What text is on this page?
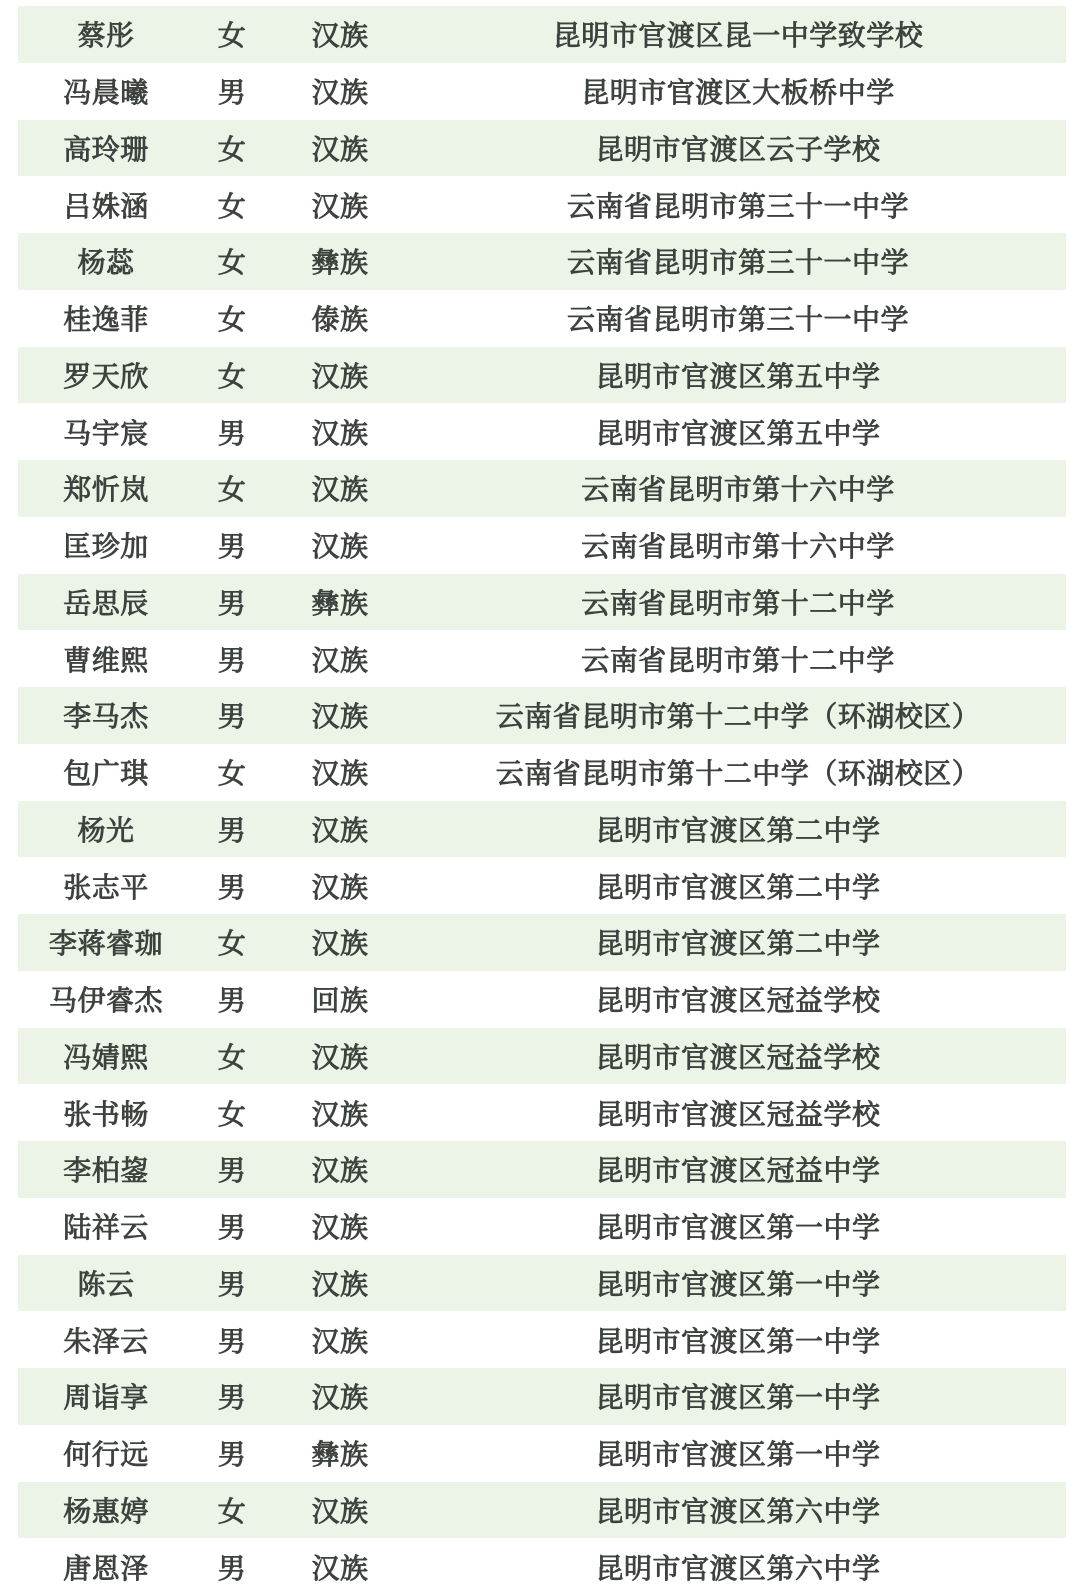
蔡彤	女	汉族	昆明市官渡区昆一中学致学校
冯晨曦	男	汉族	昆明市官渡区大板桥中学
高玲珊	女	汉族	昆明市官渡区云子学校
吕姝涵	女	汉族	云南省昆明市第三十一中学
杨蕊	女	彝族	云南省昆明市第三十一中学
桂逸菲	女	傣族	云南省昆明市第三十一中学
罗天欣	女	汉族	昆明市官渡区第五中学
马宇宸	男	汉族	昆明市官渡区第五中学
郑忻岚	女	汉族	云南省昆明市第十六中学
匡珍加	男	汉族	云南省昆明市第十六中学
岳思辰	男	彝族	云南省昆明市第十二中学
曹维熙	男	汉族	云南省昆明市第十二中学
李马杰	男	汉族	云南省昆明市第十二中学（环湖校区）
包广琪	女	汉族	云南省昆明市第十二中学（环湖校区）
杨光	男	汉族	昆明市官渡区第二中学
张志平	男	汉族	昆明市官渡区第二中学
李蒋睿珈	女	汉族	昆明市官渡区第二中学
马伊睿杰	男	回族	昆明市官渡区冠益学校
冯婧熙	女	汉族	昆明市官渡区冠益学校
张书畅	女	汉族	昆明市官渡区冠益学校
李柏鋆	男	汉族	昆明市官渡区冠益中学
陆祥云	男	汉族	昆明市官渡区第一中学
陈云	男	汉族	昆明市官渡区第一中学
朱泽云	男	汉族	昆明市官渡区第一中学
周诣享	男	汉族	昆明市官渡区第一中学
何行远	男	彝族	昆明市官渡区第一中学
杨惠婷	女	汉族	昆明市官渡区第六中学
唐恩泽	男	汉族	昆明市官渡区第六中学
